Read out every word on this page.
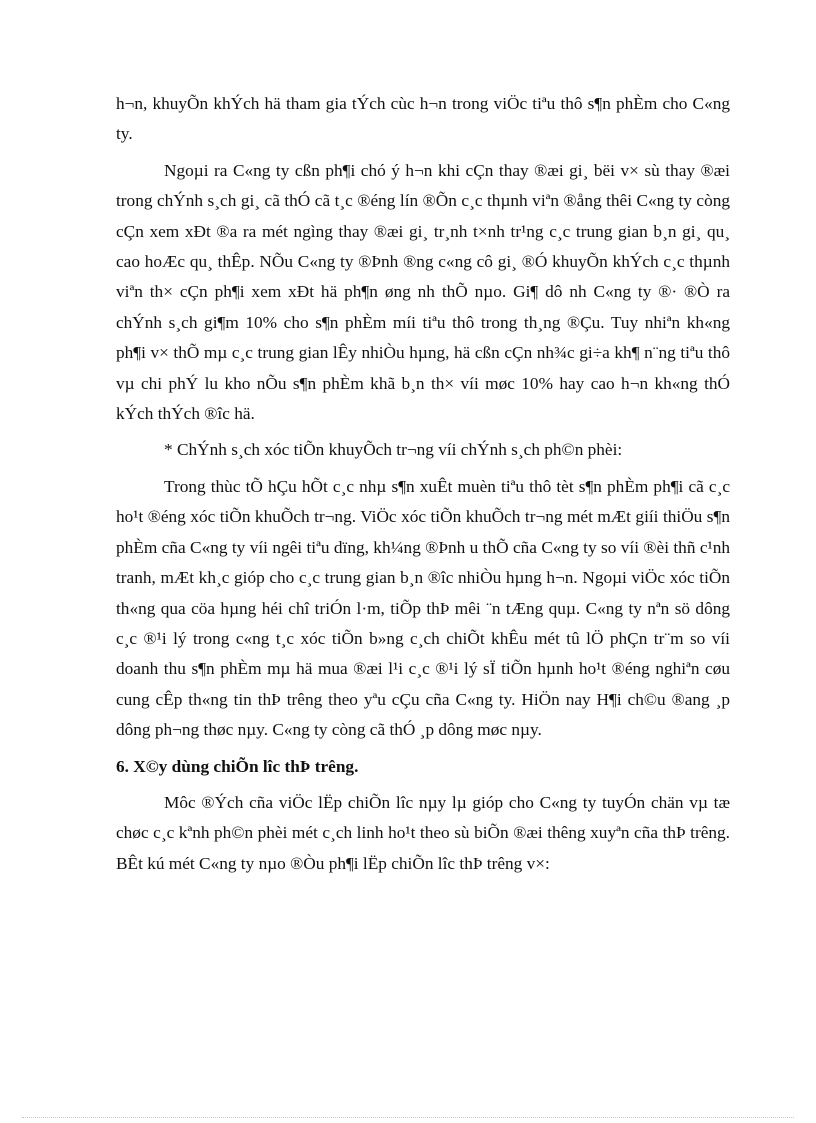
h¬n, khuyÕn khÝch hä tham gia tÝch cùc h¬n trong viÖc tiªu thô s¶n phÈm cho C«ng ty.

Ngoµi ra C«ng ty cßn ph¶i chó ý h¬n khi cÇn thay ®æi gi¸ bëi v× sù thay ®æi trong chÝnh s¸ch gi¸ cã thÓ cã t¸c ®éng lín ®Õn c¸c thµnh viªn ®ång thêi C«ng ty còng cÇn xem xÐt ®a ra mét ngìng thay ®æi gi¸ tr¸nh t×nh tr¹ng c¸c trung gian b¸n gi¸ qu¸ cao hoÆc qu¸ thÊp. NÕu C«ng ty ®Þnh ®ng c«ng cô gi¸ ®Ó khuyÕn khÝch c¸c thµnh viªn th× cÇn ph¶i xem xÐt hä ph¶n øng nh thÕ nµo. Gi¶ dô nh C«ng ty ®· ®Ò ra chÝnh s¸ch gi¶m 10% cho s¶n phÈm míi tiªu thô trong th¸ng ®Çu. Tuy nhiªn kh«ng ph¶i v× thÕ mµ c¸c trung gian lÊy nhiÒu hµng, hä cßn cÇn nh¾c gi÷a kh¶ n¨ng tiªu thô vµ chi phÝ lu kho nÕu s¶n phÈm khã b¸n th× víi møc 10% hay cao h¬n kh«ng thÓ kÝch thÝch ®îc hä.

* ChÝnh s¸ch xóc tiÕn khuyÕch tr¬ng víi chÝnh s¸ch ph©n phèi:

Trong thùc tÕ hÇu hÕt c¸c nhµ s¶n xuÊt muèn tiªu thô tèt s¶n phÈm ph¶i cã c¸c ho¹t ®éng xóc tiÕn khuÕch tr¬ng. ViÖc xóc tiÕn khuÕch tr¬ng mét mÆt giíi thiÖu s¶n phÈm cña C«ng ty víi ngêi tiªu dïng, kh¼ng ®Þnh u thÕ cña C«ng ty so víi ®èi thñ c¹nh tranh, mÆt kh¸c gióp cho c¸c trung gian b¸n ®îc nhiÒu hµng h¬n. Ngoµi viÖc xóc tiÕn th«ng qua cöa hµng héi chî triÓn l·m, tiÕp thÞ mêi ¨n tÆng quµ. C«ng ty nªn sö dông c¸c ®¹i lý trong c«ng t¸c xóc tiÕn b»ng c¸ch chiÕt khÊu mét tû lÖ phÇn tr¨m so víi doanh thu s¶n phÈm mµ hä mua ®æi l¹i c¸c ®¹i lý sÏ tiÕn hµnh ho¹t ®éng nghiªn cøu cung cÊp th«ng tin thÞ trêng theo yªu cÇu cña C«ng ty. HiÖn nay H¶i ch©u ®ang ¸p dông ph¬ng thøc nµy. C«ng ty còng cã thÓ ¸p dông møc nµy.

6. X©y dùng chiÕn lîc thÞ trêng.

Môc ®Ých cña viÖc lËp chiÕn lîc nµy lµ gióp cho C«ng ty tuyÓn chän vµ tæ chøc c¸c kªnh ph©n phèi mét c¸ch linh ho¹t theo sù biÕn ®æi thêng xuyªn cña thÞ trêng. BÊt kú mét C«ng ty nµo ®Òu ph¶i lËp chiÕn lîc thÞ trêng v×:
